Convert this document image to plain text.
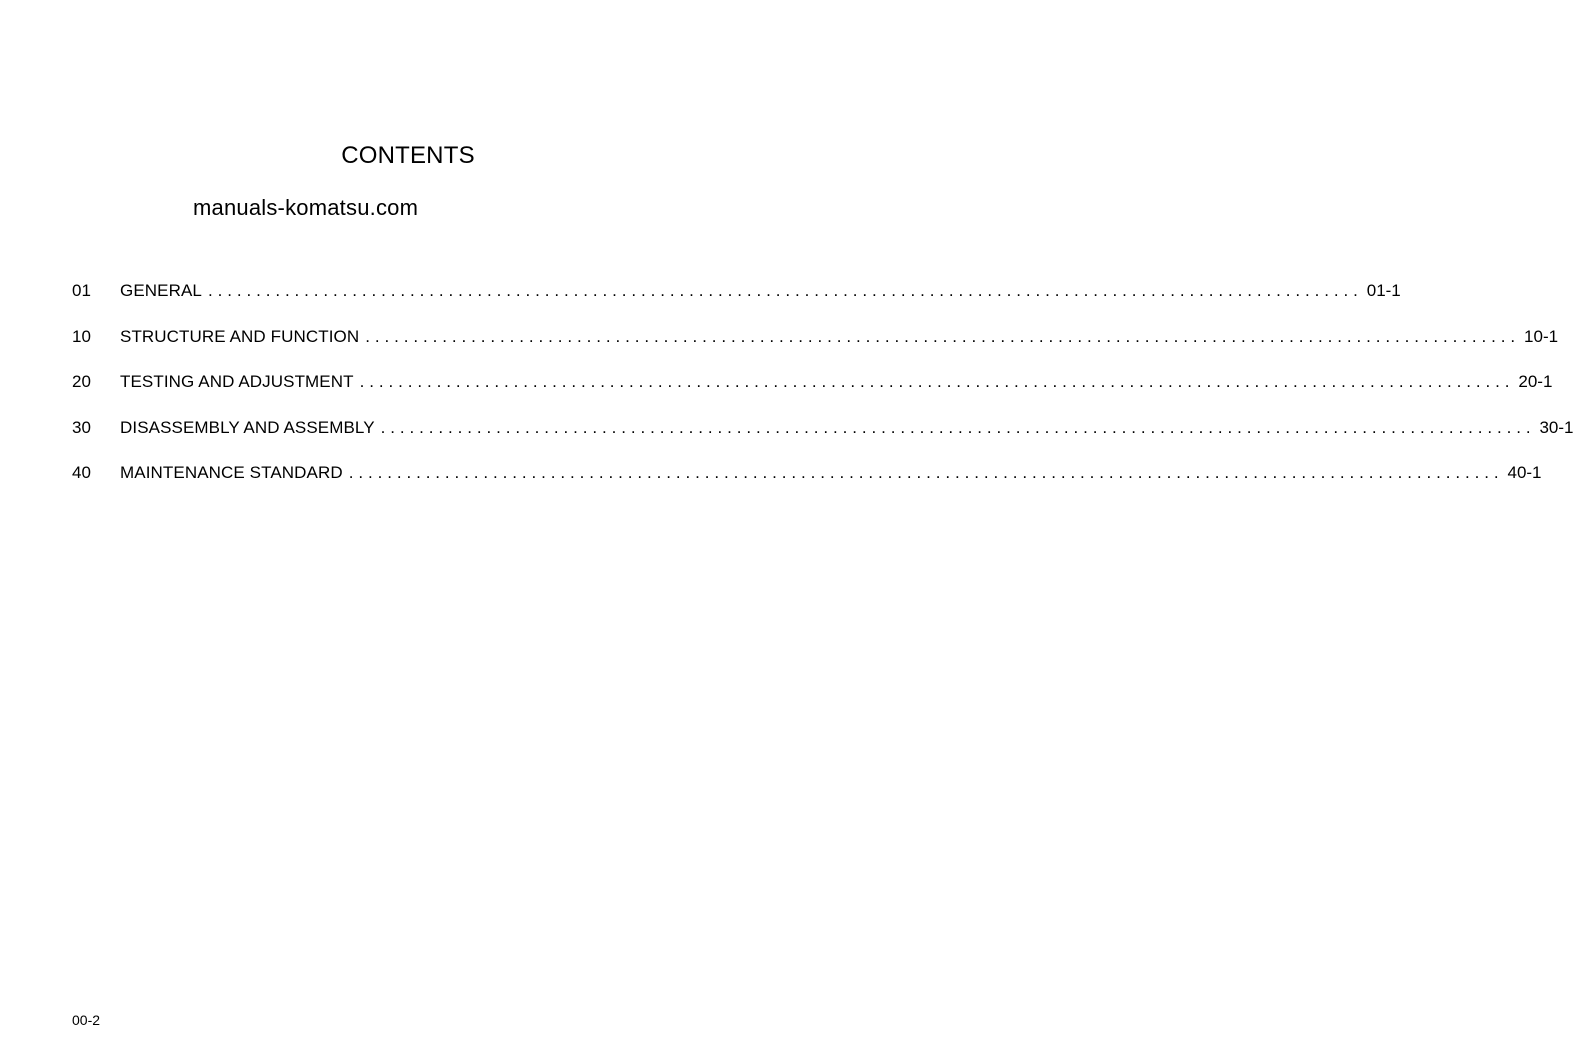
CONTENTS
manuals-komatsu.com
01	GENERAL ........................................................................................................................ 01-1
10	STRUCTURE AND FUNCTION ........................................................................................................................ 10-1
20	TESTING AND ADJUSTMENT ........................................................................................................................ 20-1
30	DISASSEMBLY AND ASSEMBLY ........................................................................................................................ 30-1
40	MAINTENANCE STANDARD ........................................................................................................................ 40-1
00-2
